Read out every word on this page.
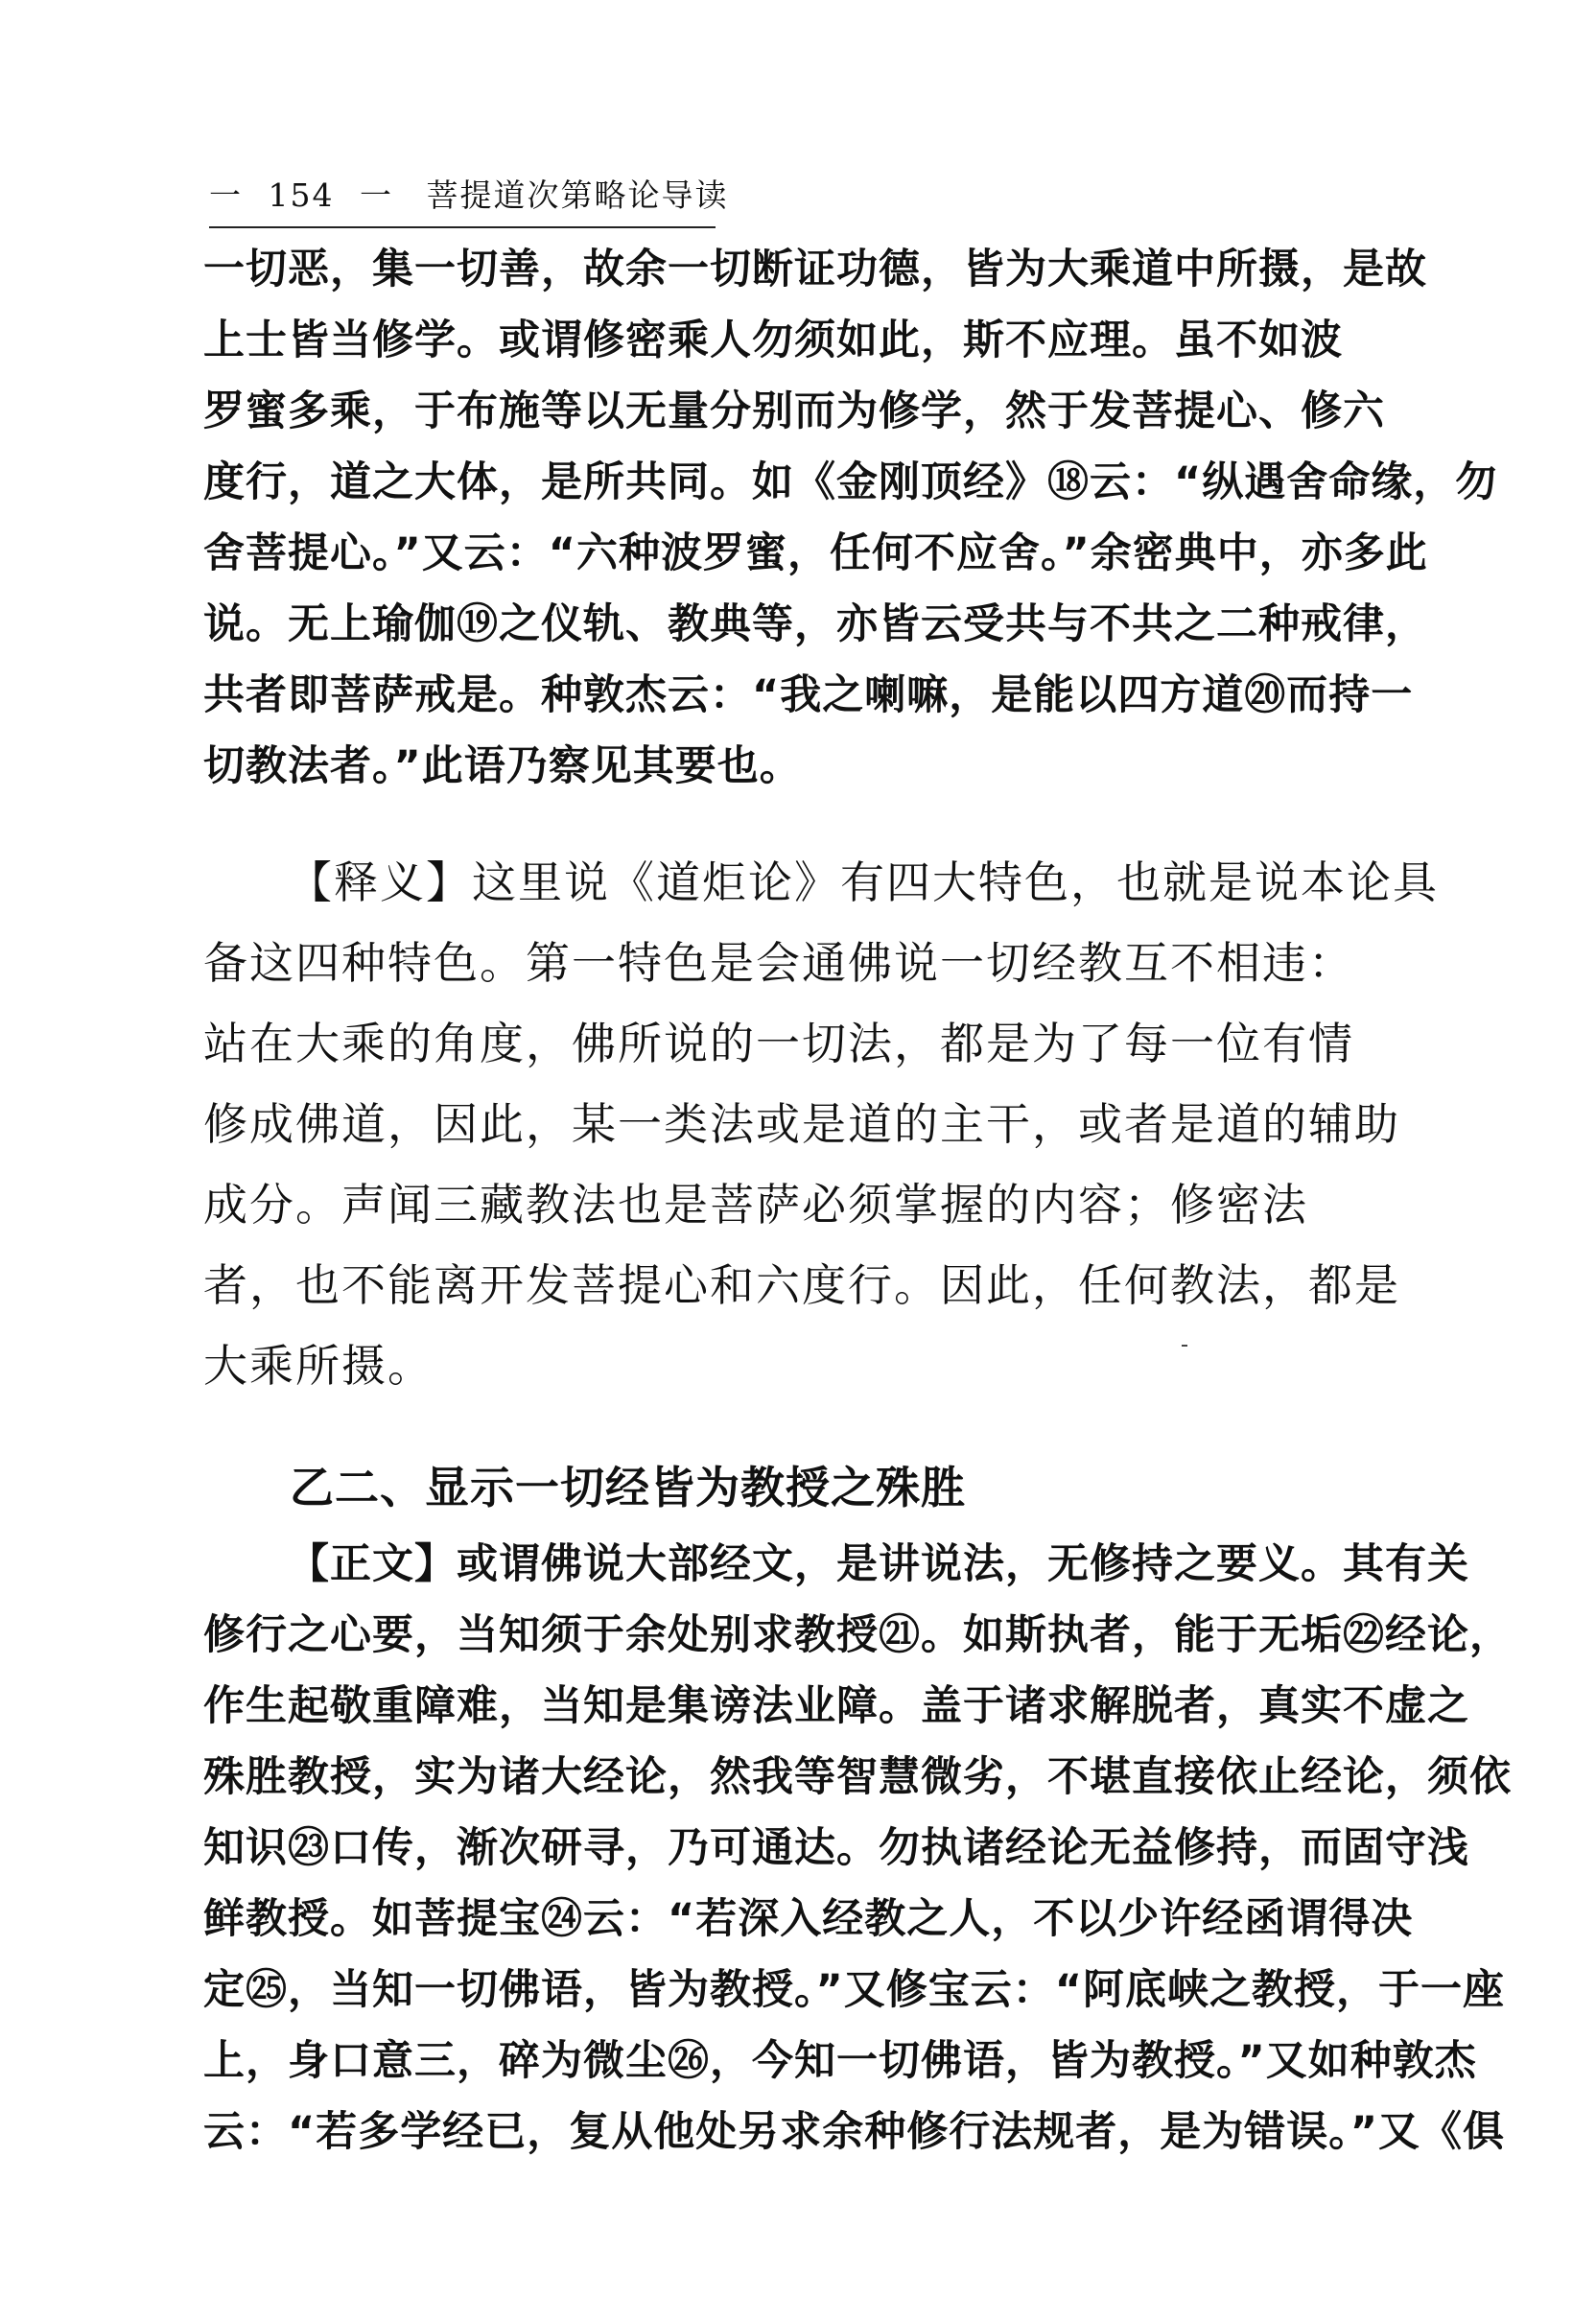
一 154 一 菩提道次第略论导读
一切恶，集一切善，故余一切断证功德，皆为大乘道中所摄，是故
上士皆当修学。或谓修密乘人勿须如此，斯不应理。虽不如波
罗蜜多乘，于布施等以无量分别而为修学，然于发菩提心、修六
度行，道之大体，是所共同。如《金刚顶经》⑱云：“纵遇舍命缘，勿
舍菩提心。”又云：“六种波罗蜜，任何不应舍。”余密典中，亦多此
说。无上瑜伽⑲之仪轨、教典等，亦皆云受共与不共之二种戒律，
共者即菩萨戒是。种敦杰云：“我之喇嘛，是能以四方道⑳而持一
切教法者。”此语乃察见其要也。
【释义】这里说《道炬论》有四大特色，也就是说本论具
备这四种特色。第一特色是会通佛说一切经教互不相违：
站在大乘的角度，佛所说的一切法，都是为了每一位有情
修成佛道，因此，某一类法或是道的主干，或者是道的辅助
成分。声闻三藏教法也是菩萨必须掌握的内容；修密法
者，也不能离开发菩提心和六度行。因此，任何教法，都是
大乘所摄。
乙二、显示一切经皆为教授之殊胜
【正文】或谓佛说大部经文，是讲说法，无修持之要义。其有关
修行之心要，当知须于余处别求教授㉑。如斯执者，能于无垢㉒经论，
作生起敬重障难，当知是集谤法业障。盖于诸求解脱者，真实不虚之
殊胜教授，实为诸大经论，然我等智慧微劣，不堪直接依止经论，须依
知识㉓口传，渐次研寻，乃可通达。勿执诸经论无益修持，而固守浅
鲜教授。如菩提宝㉔云：“若深入经教之人，不以少许经函谓得决
定㉕，当知一切佛语，皆为教授。”又修宝云：“阿底峡之教授，于一座
上，身口意三，碎为微尘㉖，今知一切佛语，皆为教授。”又如种敦杰
云：“若多学经已，复从他处另求余种修行法规者，是为错误。”又《俱
